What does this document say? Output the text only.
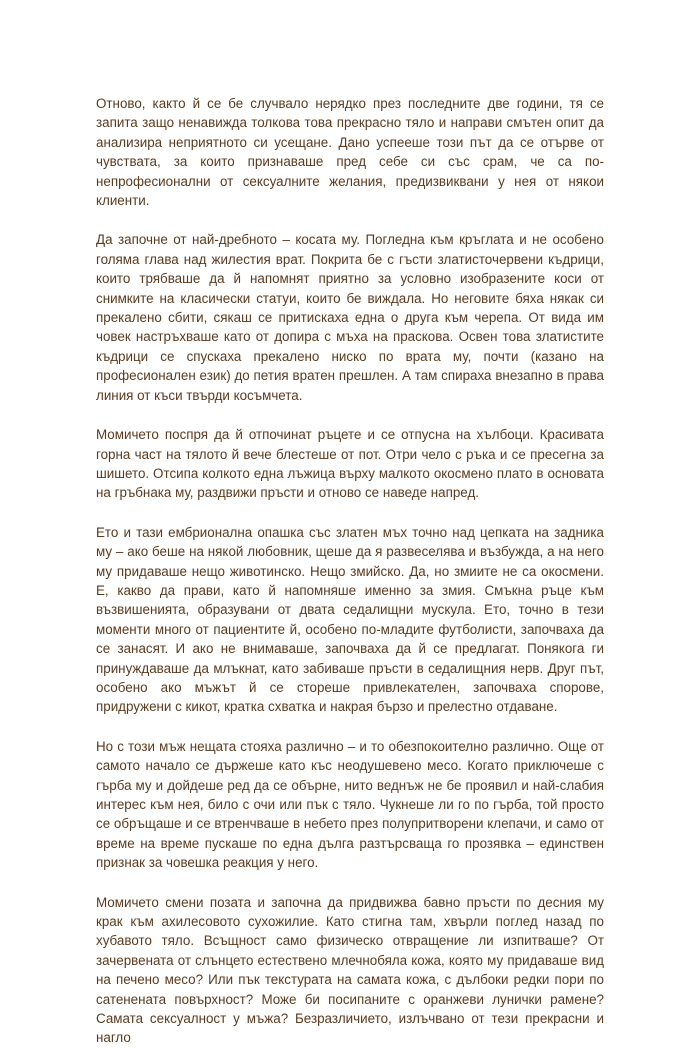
Отново, както й се бе случвало нерядко през последните две години, тя се запита защо ненавижда толкова това прекрасно тяло и направи смътен опит да анализира неприятното си усещане. Дано успееше този път да се отърве от чувствата, за които признаваше пред себе си със срам, че са по-непрофесионални от сексуалните желания, предизвиквани у нея от някои клиенти.

Да започне от най-дребното – косата му. Погледна към кръглата и не особено голяма глава над жилестия врат. Покрита бе с гъсти златисточервени къдрици, които трябваше да й напомнят приятно за условно изобразените коси от снимките на класически статуи, които бе виждала. Но неговите бяха някак си прекалено сбити, сякаш се притискаха една о друга към черепа. От вида им човек настръхваше като от допира с мъха на праскова. Освен това златистите къдрици се спускаха прекалено ниско по врата му, почти (казано на професионален език) до петия вратен прешлен. А там спираха внезапно в права линия от къси твърди косъмчета.

Момичето поспря да й отпочинат ръцете и се отпусна на хълбоци. Красивата горна част на тялото й вече блестеше от пот. Отри чело с ръка и се пресегна за шишето. Отсипа колкото една лъжица върху малкото окосмено плато в основата на гръбнака му, раздвижи пръсти и отново се наведе напред.

Ето и тази ембрионална опашка със златен мъх точно над цепката на задника му – ако беше на някой любовник, щеше да я развеселява и възбужда, а на него му придаваше нещо животинско. Нещо змийско. Да, но змиите не са окосмени. Е, какво да прави, като й напомняше именно за змия. Смъкна ръце към възвишенията, образувани от двата седалищни мускула. Ето, точно в тези моменти много от пациентите й, особено по-младите футболисти, започваха да се занасят. И ако не внимаваше, започваха да й се предлагат. Понякога ги принуждаваше да млъкнат, като забиваше пръсти в седалищния нерв. Друг път, особено ако мъжът й се стореше привлекателен, започваха спорове, придружени с кикот, кратка схватка и накрая бързо и прелестно отдаване.

Но с този мъж нещата стояха различно – и то обезпокоително различно. Още от самото начало се държеше като къс неодушевено месо. Когато приключеше с гърба му и дойдеше ред да се обърне, нито веднъж не бе проявил и най-слабия интерес към нея, било с очи или пък с тяло. Чукнеше ли го по гърба, той просто се обръщаше и се втренчваше в небето през полупритворени клепачи, и само от време на време пускаше по една дълга разтърсваща го прозявка – единствен признак за човешка реакция у него.

Момичето смени позата и започна да придвижва бавно пръсти по десния му крак към ахилесовото сухожилие. Като стигна там, хвърли поглед назад по хубавото тяло. Всъщност само физическо отвращение ли изпитваше? От зачервената от слънцето естествено млечнобяла кожа, която му придаваше вид на печено месо? Или пък текстурата на самата кожа, с дълбоки редки пори по сатенената повърхност? Може би посипаните с оранжеви лунички рамене? Самата сексуалност у мъжа? Безразличието, излъчвано от тези прекрасни и нагло
